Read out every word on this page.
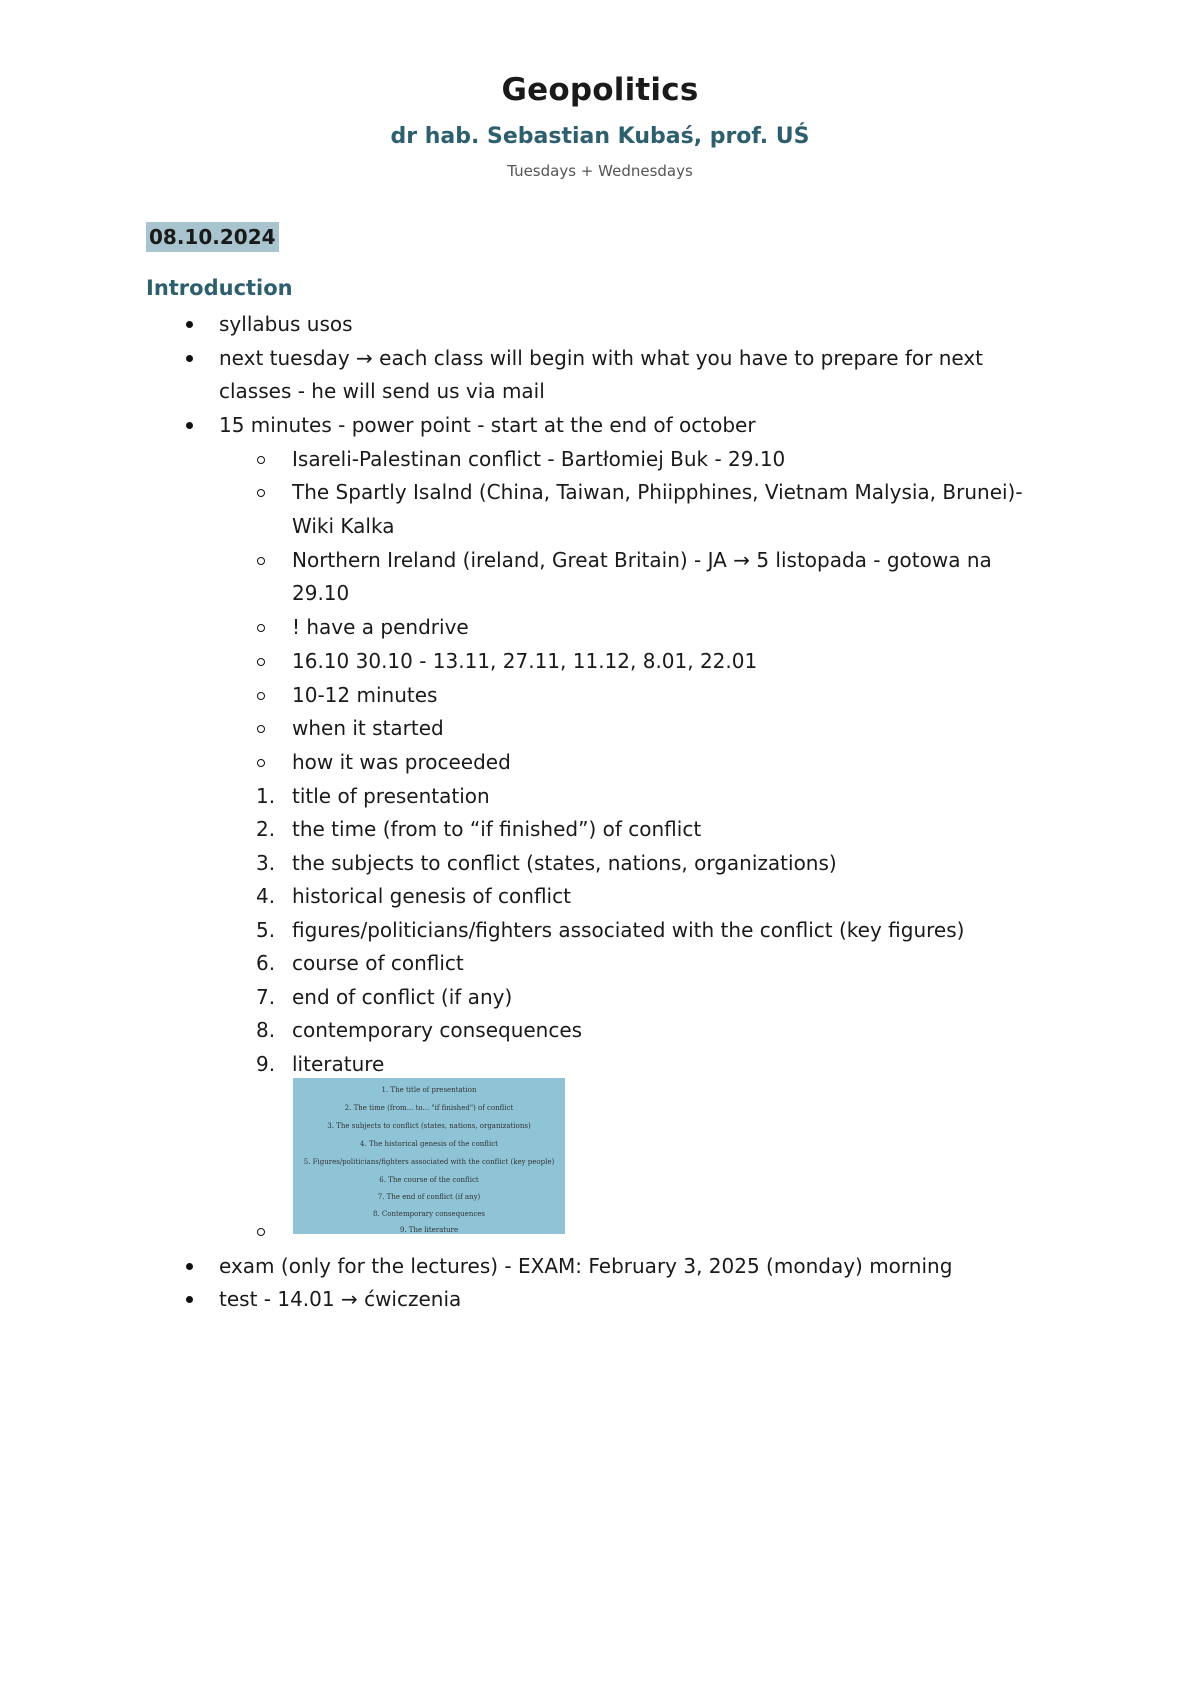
Geopolitics
dr hab. Sebastian Kubaś, prof. UŚ
Tuesdays + Wednesdays
08.10.2024
Introduction
syllabus usos
next tuesday → each class will begin with what you have to prepare for next
classes - he will send us via mail
15 minutes - power point - start at the end of october
Isareli-Palestinan conflict - Bartłomiej Buk - 29.10
The Spartly Isalnd (China, Taiwan, Phiipphines, Vietnam Malysia, Brunei)-
Wiki Kalka
Northern Ireland (ireland, Great Britain) - JA → 5 listopada - gotowa na
29.10
! have a pendrive
16.10 30.10 - 13.11, 27.11, 11.12, 8.01, 22.01
10-12 minutes
when it started
how it was proceeded
1. title of presentation
2. the time (from to “if finished”) of conflict
3. the subjects to conflict (states, nations, organizations)
4. historical genesis of conflict
5. figures/politicians/fighters associated with the conflict (key figures)
6. course of conflict
7. end of conflict (if any)
8. contemporary consequences
9. literature
1. The title of presentation
2. The time (from... to... "if finished") of conflict
3. The subjects to conflict (states, nations, organizations)
4. The historical genesis of the conflict
5. Figures/politicians/fighters associated with the conflict (key people)
6. The course of the conflict
7. The end of conflict (if any)
8. Contemporary consequences
9. The literature
exam (only for the lectures) - EXAM: February 3, 2025 (monday) morning
test - 14.01 → ćwiczenia
